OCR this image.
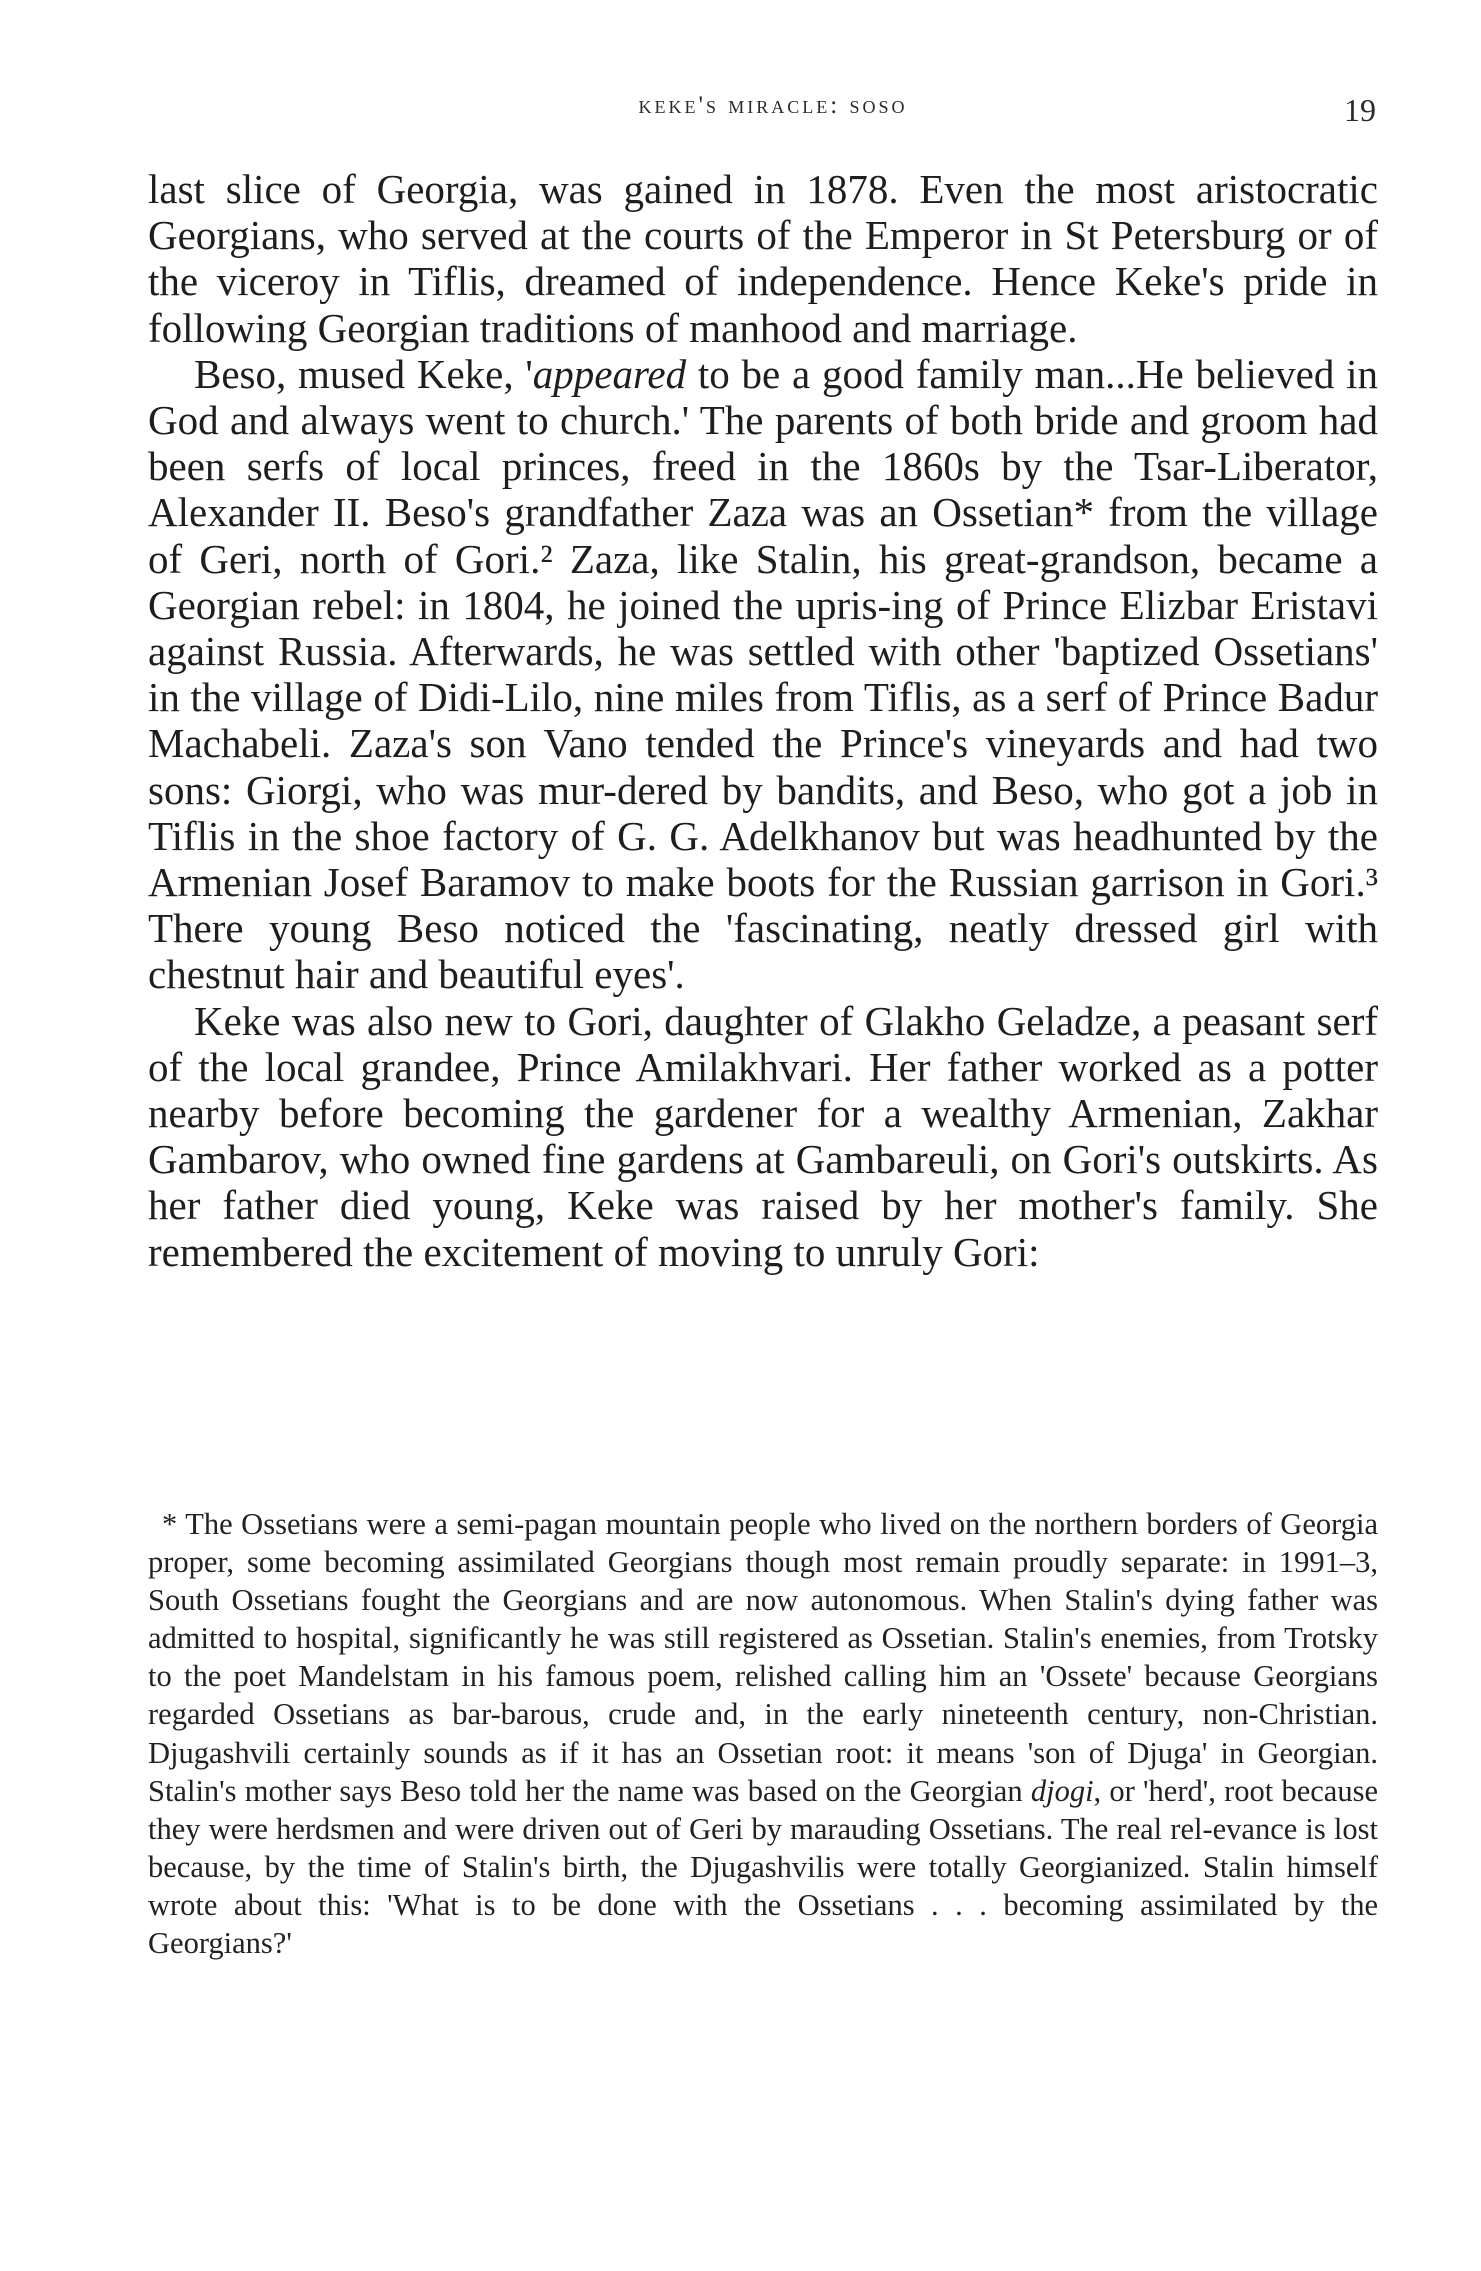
keke's miracle: soso	19

last slice of Georgia, was gained in 1878. Even the most aristocratic Georgians, who served at the courts of the Emperor in St Petersburg or of the viceroy in Tiflis, dreamed of independence. Hence Keke's pride in following Georgian traditions of manhood and marriage.

Beso, mused Keke, 'appeared to be a good family man...He believed in God and always went to church.' The parents of both bride and groom had been serfs of local princes, freed in the 1860s by the Tsar-Liberator, Alexander II. Beso's grandfather Zaza was an Ossetian* from the village of Geri, north of Gori.² Zaza, like Stalin, his great-grandson, became a Georgian rebel: in 1804, he joined the upris-ing of Prince Elizbar Eristavi against Russia. Afterwards, he was settled with other 'baptized Ossetians' in the village of Didi-Lilo, nine miles from Tiflis, as a serf of Prince Badur Machabeli. Zaza's son Vano tended the Prince's vineyards and had two sons: Giorgi, who was mur-dered by bandits, and Beso, who got a job in Tiflis in the shoe factory of G. G. Adelkhanov but was headhunted by the Armenian Josef Baramov to make boots for the Russian garrison in Gori.³ There young Beso noticed the 'fascinating, neatly dressed girl with chestnut hair and beautiful eyes'.

Keke was also new to Gori, daughter of Glakho Geladze, a peasant serf of the local grandee, Prince Amilakhvari. Her father worked as a potter nearby before becoming the gardener for a wealthy Armenian, Zakhar Gambarov, who owned fine gardens at Gambareuli, on Gori's outskirts. As her father died young, Keke was raised by her mother's family. She remembered the excitement of moving to unruly Gori:

* The Ossetians were a semi-pagan mountain people who lived on the northern borders of Georgia proper, some becoming assimilated Georgians though most remain proudly separate: in 1991–3, South Ossetians fought the Georgians and are now autonomous. When Stalin's dying father was admitted to hospital, significantly he was still registered as Ossetian. Stalin's enemies, from Trotsky to the poet Mandelstam in his famous poem, relished calling him an 'Ossete' because Georgians regarded Ossetians as bar-barous, crude and, in the early nineteenth century, non-Christian. Djugashvili certainly sounds as if it has an Ossetian root: it means 'son of Djuga' in Georgian. Stalin's mother says Beso told her the name was based on the Georgian djogi, or 'herd', root because they were herdsmen and were driven out of Geri by marauding Ossetians. The real rel-evance is lost because, by the time of Stalin's birth, the Djugashvilis were totally Georgianized. Stalin himself wrote about this: 'What is to be done with the Ossetians . . . becoming assimilated by the Georgians?'
